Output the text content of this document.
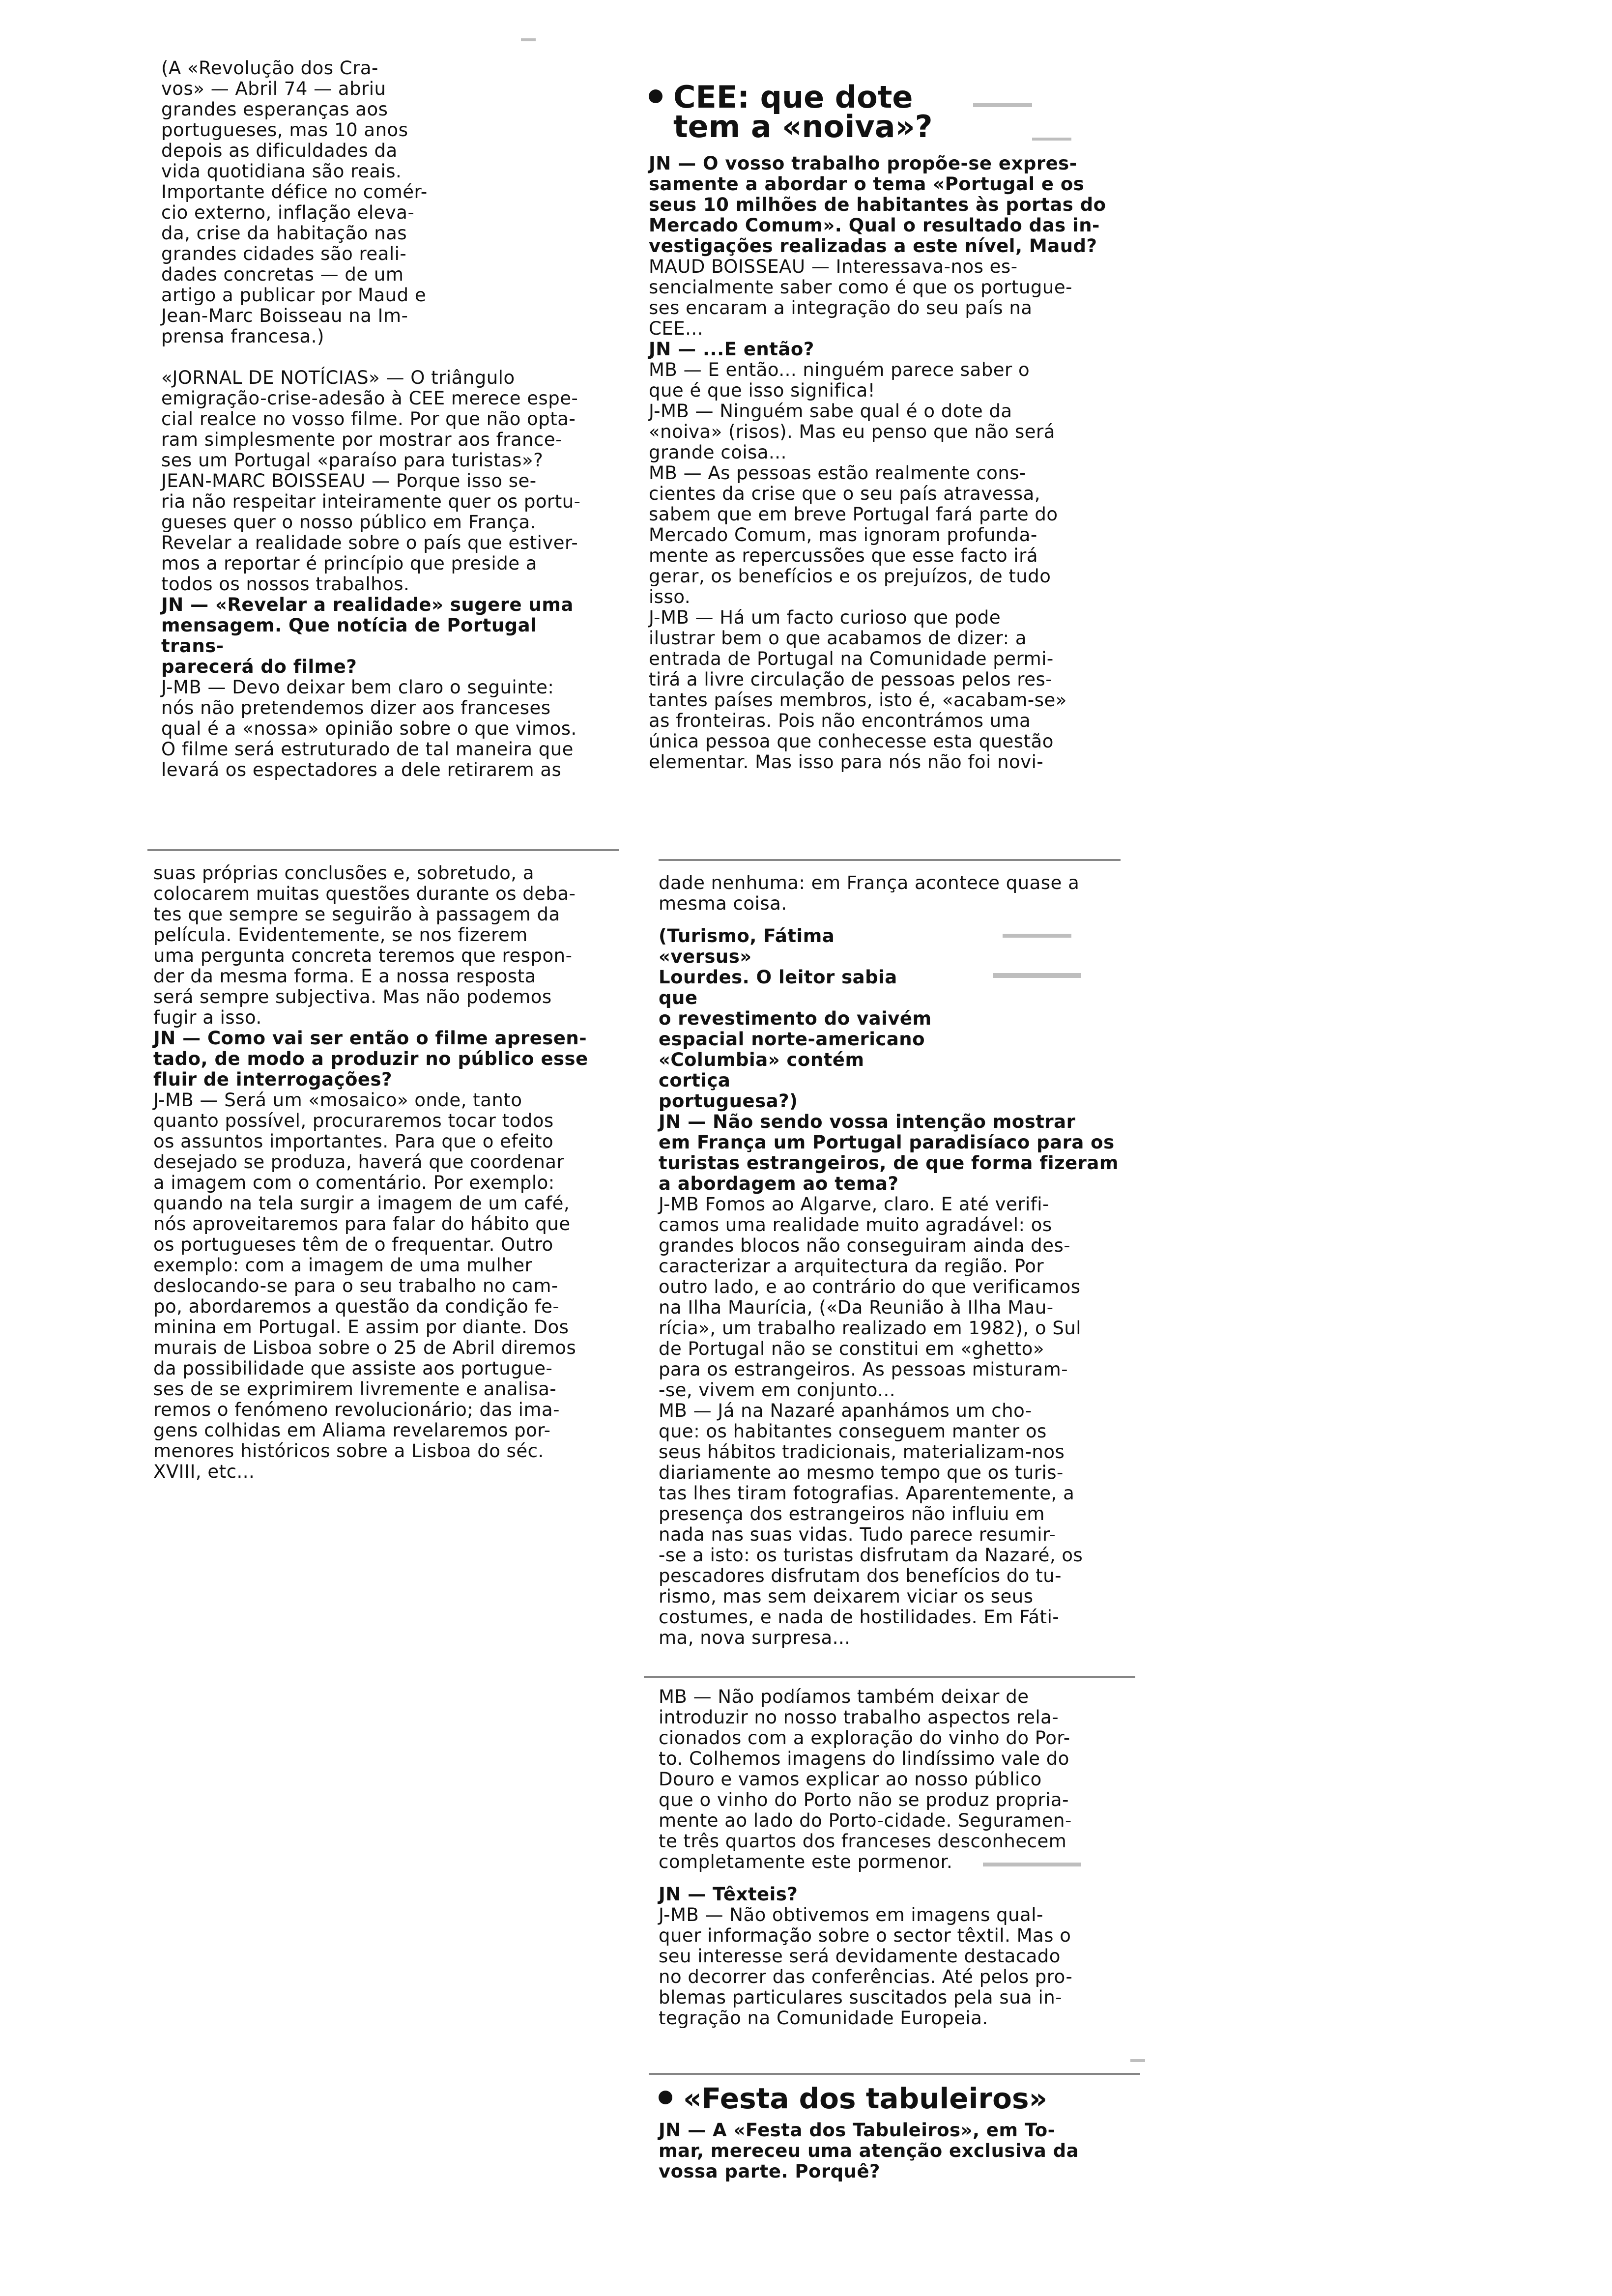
(A «Revolução dos Cra-
vos» — Abril 74 — abriu
grandes esperanças aos
portugueses, mas 10 anos
depois as dificuldades da
vida quotidiana são reais.
Importante défice no comér-
cio externo, inflação eleva-
da, crise da habitação nas
grandes cidades são reali-
dades concretas — de um
artigo a publicar por Maud e
Jean-Marc Boisseau na Im-
prensa francesa.)

«JORNAL DE NOTÍCIAS» — O triângulo
emigração-crise-adesão à CEE merece espe-
cial realce no vosso filme. Por que não opta-
ram simplesmente por mostrar aos france-
ses um Portugal «paraíso para turistas»?

JEAN-MARC BOISSEAU — Porque isso se-
ria não respeitar inteiramente quer os portu-
gueses quer o nosso público em França.
Revelar a realidade sobre o país que estiver-
mos a reportar é princípio que preside a
todos os nossos trabalhos.

JN — «Revelar a realidade» sugere uma
mensagem. Que notícia de Portugal trans-
parecerá do filme?

J-MB — Devo deixar bem claro o seguinte:
nós não pretendemos dizer aos franceses
qual é a «nossa» opinião sobre o que vimos.
O filme será estruturado de tal maneira que
levará os espectadores a dele retirarem as

suas próprias conclusões e, sobretudo, a
colocarem muitas questões durante os deba-
tes que sempre se seguirão à passagem da
película. Evidentemente, se nos fizerem
uma pergunta concreta teremos que respon-
der da mesma forma. E a nossa resposta
será sempre subjectiva. Mas não podemos
fugir a isso.

JN — Como vai ser então o filme apresen-
tado, de modo a produzir no público esse
fluir de interrogações?

J-MB — Será um «mosaico» onde, tanto
quanto possível, procuraremos tocar todos
os assuntos importantes. Para que o efeito
desejado se produza, haverá que coordenar
a imagem com o comentário. Por exemplo:
quando na tela surgir a imagem de um café,
nós aproveitaremos para falar do hábito que
os portugueses têm de o frequentar. Outro
exemplo: com a imagem de uma mulher
deslocando-se para o seu trabalho no cam-
po, abordaremos a questão da condição fe-
minina em Portugal. E assim por diante. Dos
murais de Lisboa sobre o 25 de Abril diremos
da possibilidade que assiste aos portugue-
ses de se exprimirem livremente e analisa-
remos o fenómeno revolucionário; das ima-
gens colhidas em Aliama revelaremos por-
menores históricos sobre a Lisboa do séc.
XVIII, etc...

CEE: que dote
tem a «noiva»?

JN — O vosso trabalho propõe-se expres-
samente a abordar o tema «Portugal e os
seus 10 milhões de habitantes às portas do
Mercado Comum». Qual o resultado das in-
vestigações realizadas a este nível, Maud?

MAUD BOISSEAU — Interessava-nos es-
sencialmente saber como é que os portugue-
ses encaram a integração do seu país na
CEE...

JN — ...E então?

MB — E então... ninguém parece saber o
que é que isso significa!

J-MB — Ninguém sabe qual é o dote da
«noiva» (risos). Mas eu penso que não será
grande coisa...

MB — As pessoas estão realmente cons-
cientes da crise que o seu país atravessa,
sabem que em breve Portugal fará parte do
Mercado Comum, mas ignoram profunda-
mente as repercussões que esse facto irá
gerar, os benefícios e os prejuízos, de tudo
isso.

J-MB — Há um facto curioso que pode
ilustrar bem o que acabamos de dizer: a
entrada de Portugal na Comunidade permi-
tirá a livre circulação de pessoas pelos res-
tantes países membros, isto é, «acabam-se»
as fronteiras. Pois não encontrámos uma
única pessoa que conhecesse esta questão
elementar. Mas isso para nós não foi novi-

dade nenhuma: em França acontece quase a
mesma coisa.

(Turismo, Fátima «versus»
Lourdes. O leitor sabia que
o revestimento do vaivém
espacial norte-americano
«Columbia» contém cortiça
portuguesa?)

JN — Não sendo vossa intenção mostrar
em França um Portugal paradisíaco para os
turistas estrangeiros, de que forma fizeram
a abordagem ao tema?

J-MB Fomos ao Algarve, claro. E até verifi-
camos uma realidade muito agradável: os
grandes blocos não conseguiram ainda des-
caracterizar a arquitectura da região. Por
outro lado, e ao contrário do que verificamos
na Ilha Maurícia, («Da Reunião à Ilha Mau-
rícia», um trabalho realizado em 1982), o Sul
de Portugal não se constitui em «ghetto»
para os estrangeiros. As pessoas misturam-
-se, vivem em conjunto...

MB — Já na Nazaré apanhámos um cho-
que: os habitantes conseguem manter os
seus hábitos tradicionais, materializam-nos
diariamente ao mesmo tempo que os turis-
tas lhes tiram fotografias. Aparentemente, a
presença dos estrangeiros não influiu em
nada nas suas vidas. Tudo parece resumir-
-se a isto: os turistas disfrutam da Nazaré, os
pescadores disfrutam dos benefícios do tu-
rismo, mas sem deixarem viciar os seus
costumes, e nada de hostilidades. Em Fáti-
ma, nova surpresa...

MB — Não podíamos também deixar de
introduzir no nosso trabalho aspectos rela-
cionados com a exploração do vinho do Por-
to. Colhemos imagens do lindíssimo vale do
Douro e vamos explicar ao nosso público
que o vinho do Porto não se produz propria-
mente ao lado do Porto-cidade. Seguramen-
te três quartos dos franceses desconhecem
completamente este pormenor.

JN — Têxteis?

J-MB — Não obtivemos em imagens qual-
quer informação sobre o sector têxtil. Mas o
seu interesse será devidamente destacado
no decorrer das conferências. Até pelos pro-
blemas particulares suscitados pela sua in-
tegração na Comunidade Europeia.

«Festa dos tabuleiros»

JN — A «Festa dos Tabuleiros», em To-
mar, mereceu uma atenção exclusiva da
vossa parte. Porquê?
